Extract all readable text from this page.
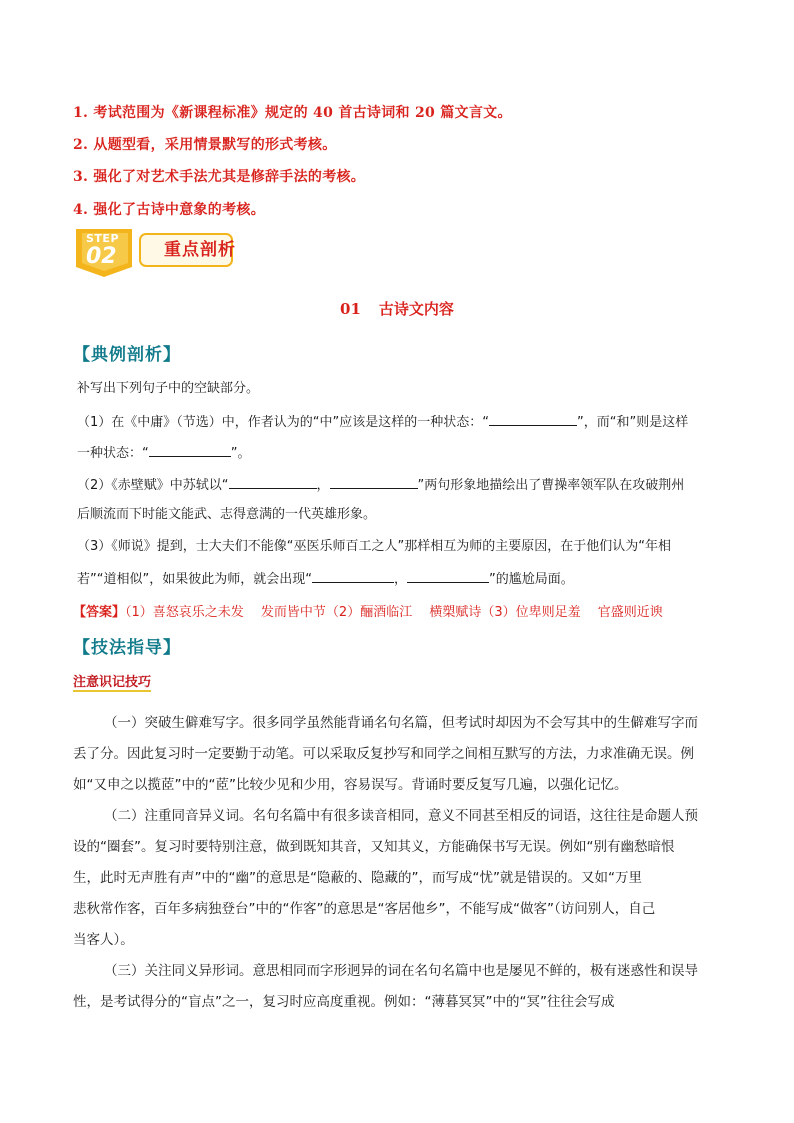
1. 考试范围为《新课程标准》规定的 40 首古诗词和 20 篇文言文。
2. 从题型看，采用情景默写的形式考核。
3. 强化了对艺术手法尤其是修辞手法的考核。
4. 强化了古诗中意象的考核。
STEP
02	重点剖析
01 古诗文内容
【典例剖析】
补写出下列句子中的空缺部分。
（1）在《中庸》（节选）中，作者认为的“中”应该是这样的一种状态：“	”，而“和”则是这样
一种状态：“	”。
（2）《赤壁赋》中苏轼以“	，	”两句形象地描绘出了曹操率领军队在攻破荆州
后顺流而下时能文能武、志得意满的一代英雄形象。
（3）《师说》提到，士大夫们不能像“巫医乐师百工之人”那样相互为师的主要原因，在于他们认为“年相
若”“道相似”，如果彼此为师，就会出现“	，	”的尴尬局面。
【答案】（1）喜怒哀乐之未发　 发而皆中节（2）酾酒临江　 横槊赋诗（3）位卑则足羞　 官盛则近谀
【技法指导】
注意识记技巧
（一）突破生僻难写字。很多同学虽然能背诵名句名篇，但考试时却因为不会写其中的生僻难写字而
丢了分。因此复习时一定要勤于动笔。可以采取反复抄写和同学之间相互默写的方法，力求准确无误。例
如“又申之以揽茝”中的“茝”比较少见和少用，容易误写。背诵时要反复写几遍，以强化记忆。
（二）注重同音异义词。名句名篇中有很多读音相同，意义不同甚至相反的词语，这往往是命题人预
设的“圈套”。复习时要特别注意，做到既知其音，又知其义，方能确保书写无误。例如“别有幽愁暗恨
生，此时无声胜有声”中的“幽”的意思是“隐蔽的、隐藏的”，而写成“忧”就是错误的。又如“万里
悲秋常作客，百年多病独登台”中的“作客”的意思是“客居他乡”，不能写成“做客”（访问别人，自己
当客人）。
（三）关注同义异形词。意思相同而字形迥异的词在名句名篇中也是屡见不鲜的，极有迷惑性和误导
性，是考试得分的“盲点”之一，复习时应高度重视。例如：“薄暮冥冥”中的“冥”往往会写成
